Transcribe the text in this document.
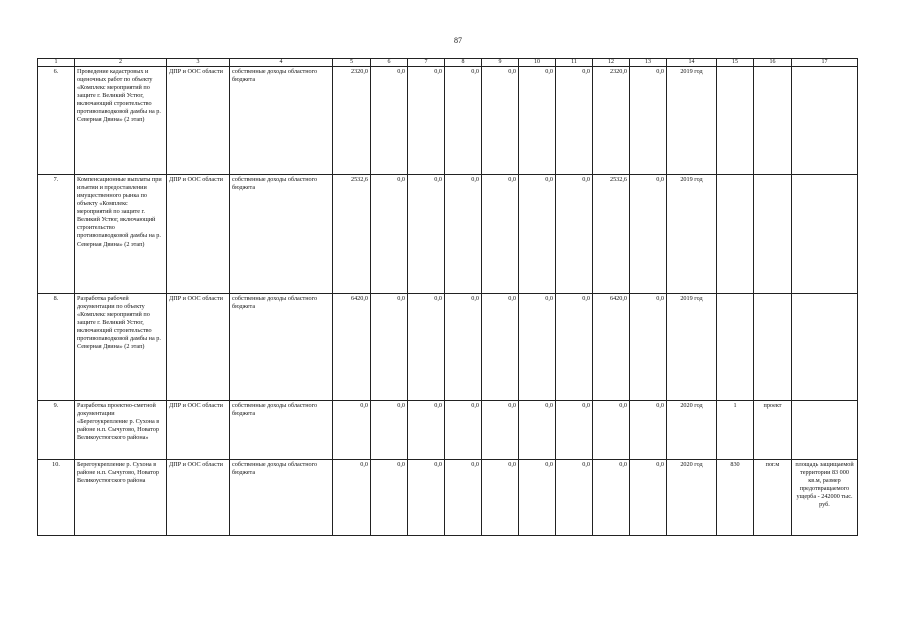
87
1	2	3	4	5	6	7	8	9	10	11	12	13	14	15	16	17
6.	Проведение кадастровых и оценочных работ по объекту «Комплекс мероприятий по защите г. Великий Устюг, включающий строительство противопаводковой дамбы на р. Северная Двина» (2 этап)	ДПР и ООС области	собственные доходы областного бюджета	2320,0	0,0	0,0	0,0	0,0	0,0	0,0	2320,0	0,0	2019 год			
7.	Компенсационные выплаты при изъятии и предоставлении имущественного рынка по объекту «Комплекс мероприятий по защите г. Великий Устюг, включающий строительство противопаводковой дамбы на р. Северная Двина» (2 этап)	ДПР и ООС области	собственные доходы областного бюджета	2532,6	0,0	0,0	0,0	0,0	0,0	0,0	2532,6	0,0	2019 год			
8.	Разработка рабочей документации по объекту «Комплекс мероприятий по защите г. Великий Устюг, включающий строительство противопаводковой дамбы на р. Северная Двина» (2 этап)	ДПР и ООС области	собственные доходы областного бюджета	6420,0	0,0	0,0	0,0	0,0	0,0	0,0	6420,0	0,0	2019 год			
9.	Разработка проектно-сметной документации «Берегоукрепление р. Сухона в районе н.п. Сычугово, Новатор Великоустюгского района»	ДПР и ООС области	собственные доходы областного бюджета	0,0	0,0	0,0	0,0	0,0	0,0	0,0	0,0	0,0	2020 год	1	проект	
10.	Берегоукрепление р. Сухона в районе н.п. Сычугово, Новатор Великоустюгского района	ДПР и ООС области	собственные доходы областного бюджета	0,0	0,0	0,0	0,0	0,0	0,0	0,0	0,0	0,0	2020 год	830	пог.м	площадь защищаемой территории 83 000 кв.м, размер предотвращаемого ущерба - 242000 тыс. руб.
